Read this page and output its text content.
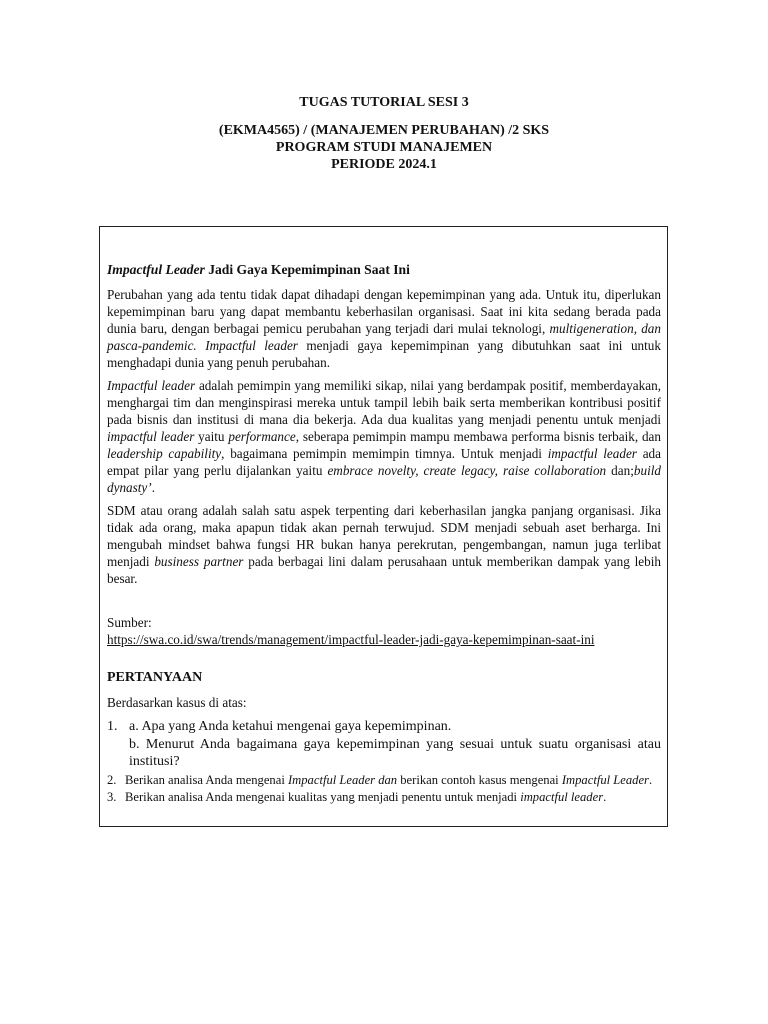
TUGAS TUTORIAL SESI 3
(EKMA4565) / (MANAJEMEN PERUBAHAN) /2 SKS
PROGRAM STUDI MANAJEMEN
PERIODE 2024.1

Impactful Leader Jadi Gaya Kepemimpinan Saat Ini

Perubahan yang ada tentu tidak dapat dihadapi dengan kepemimpinan yang ada. Untuk itu, diperlukan kepemimpinan baru yang dapat membantu keberhasilan organisasi. Saat ini kita sedang berada pada dunia baru, dengan berbagai pemicu perubahan yang terjadi dari mulai teknologi, multigeneration, dan pasca-pandemic. Impactful leader menjadi gaya kepemimpinan yang dibutuhkan saat ini untuk menghadapi dunia yang penuh perubahan.

Impactful leader adalah pemimpin yang memiliki sikap, nilai yang berdampak positif, memberdayakan, menghargai tim dan menginspirasi mereka untuk tampil lebih baik serta memberikan kontribusi positif pada bisnis dan institusi di mana dia bekerja. Ada dua kualitas yang menjadi penentu untuk menjadi impactful leader yaitu performance, seberapa pemimpin mampu membawa performa bisnis terbaik, dan leadership capability, bagaimana pemimpin memimpin timnya. Untuk menjadi impactful leader ada empat pilar yang perlu dijalankan yaitu embrace novelty, create legacy, raise collaboration dan;build dynasty’.

SDM atau orang adalah salah satu aspek terpenting dari keberhasilan jangka panjang organisasi. Jika tidak ada orang, maka apapun tidak akan pernah terwujud. SDM menjadi sebuah aset berharga. Ini mengubah mindset bahwa fungsi HR bukan hanya perekrutan, pengembangan, namun juga terlibat menjadi business partner pada berbagai lini dalam perusahaan untuk memberikan dampak yang lebih besar.

Sumber:

https://swa.co.id/swa/trends/management/impactful-leader-jadi-gaya-kepemimpinan-saat-ini

PERTANYAAN

Berdasarkan kasus di atas:

1. a. Apa yang Anda ketahui mengenai gaya kepemimpinan.
b. Menurut Anda bagaimana gaya kepemimpinan yang sesuai untuk suatu organisasi atau institusi?

2. Berikan analisa Anda mengenai Impactful Leader dan berikan contoh kasus mengenai Impactful Leader.

3. Berikan analisa Anda mengenai kualitas yang menjadi penentu untuk menjadi impactful leader.
